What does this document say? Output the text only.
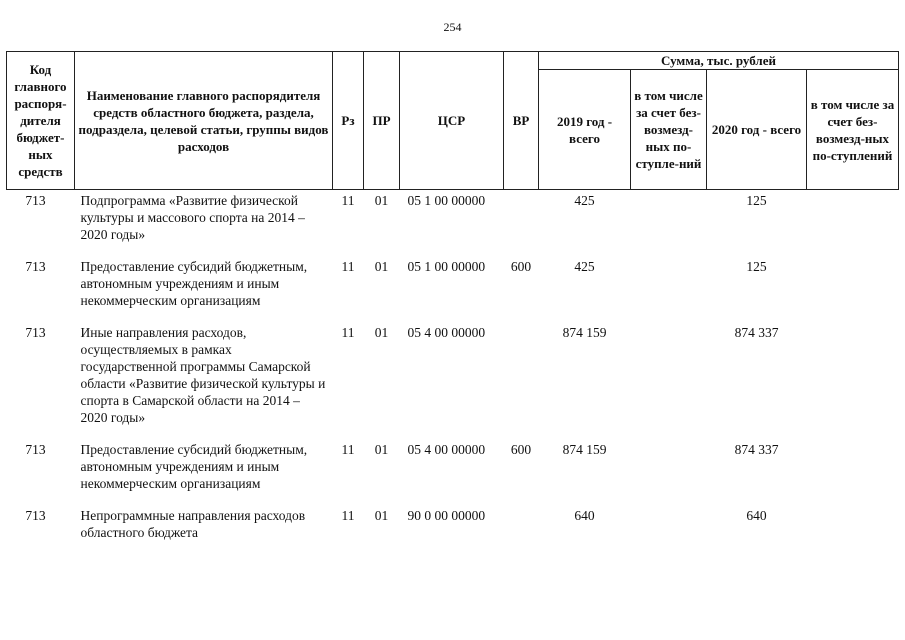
254
Код главного распоря-дителя бюджет-ных средств	Наименование главного распорядителя средств областного бюджета, раздела, подраздела, целевой статьи, группы видов расходов	Рз	ПР	ЦСР	ВР	Сумма, тыс. рублей			
						2019 год - всего	в том числе за счет без-возмезд-ных по-ступле-ний	2020 год - всего	в том числе за счет без-возмезд-ных по-ступлений
713	Подпрограмма «Развитие физической культуры и массового спорта на 2014 – 2020 годы»	11	01	05 1 00 00000		425		125	
713	Предоставление субсидий бюджетным, автономным учреждениям и иным некоммерческим организациям	11	01	05 1 00 00000	600	425		125	
713	Иные направления расходов, осуществляемых в рамках государственной программы Самарской области «Развитие физической культуры и спорта в Самарской области на 2014 – 2020 годы»	11	01	05 4 00 00000		874 159		874 337	
713	Предоставление субсидий бюджетным, автономным учреждениям и иным некоммерческим организациям	11	01	05 4 00 00000	600	874 159		874 337	
713	Непрограммные направления расходов областного бюджета	11	01	90 0 00 00000		640		640	
